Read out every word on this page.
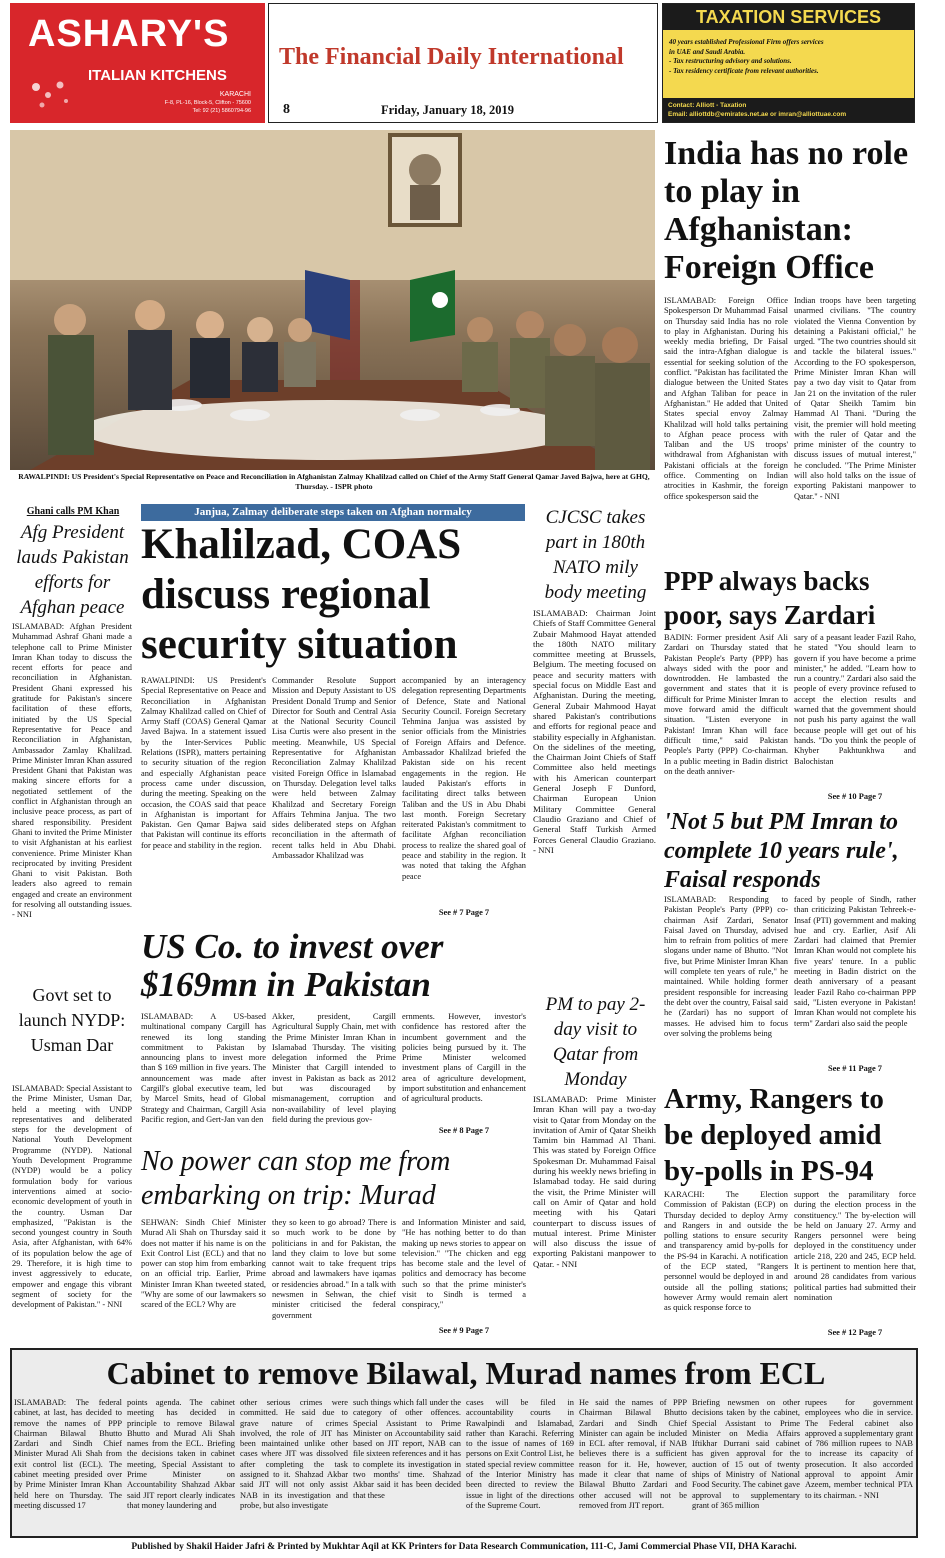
ASHARY'S
ITALIAN KITCHENS
KARACHI
F-8, PL-16, Block-5, Clifton - 75600
Tel: 92 (21) 5860794-96
The Financial Daily International
8	Friday, January 18, 2019
TAXATION SERVICES
40 years established Professional Firm offers services
in UAE and Saudi Arabia.
- Tax restructuring advisory and solutions.
- Tax residency certificate from relevant authorities.
Contact: Alliott - Taxation
Email: alliottdb@emirates.net.ae or imran@alliottuae.com
RAWALPINDI: US President's Special Representative on Peace and Reconciliation in Afghanistan Zalmay Khalilzad called on Chief of the Army Staff General Qamar Javed Bajwa, here at GHQ, Thursday. - ISPR photo
India has no role to play in Afghanistan: Foreign Office
ISLAMABAD: Foreign Office Spokesperson Dr Muhammad Faisal on Thursday said India has no role to play in Afghanistan. During his weekly media briefing, Dr Faisal said the intra-Afghan dialogue is essential for seeking solution of the conflict. "Pakistan has facilitated the dialogue between the United States and Afghan Taliban for peace in Afghanistan." He added that United States special envoy Zalmay Khalilzad will hold talks pertaining to Afghan peace process with Taliban and the US troops' withdrawal from Afghanistan with Pakistani officials at the foreign office. Commenting on Indian atrocities in Kashmir, the foreign office spokesperson said the
Indian troops have been targeting unarmed civilians. "The country violated the Vienna Convention by detaining a Pakistani official," he urged. "The two countries should sit and tackle the bilateral issues." According to the FO spokesperson, Prime Minister Imran Khan will pay a two day visit to Qatar from Jan 21 on the invitation of the ruler of Qatar Sheikh Tamim bin Hammad Al Thani. "During the visit, the premier will hold meeting with the ruler of Qatar and the prime minister of the country to discuss issues of mutual interest," he concluded. "The Prime Minister will also hold talks on the issue of exporting Pakistani manpower to Qatar." - NNI
Ghani calls PM Khan
Afg President lauds Pakistan efforts for Afghan peace
ISLAMABAD: Afghan President Muhammad Ashraf Ghani made a telephone call to Prime Minister Imran Khan today to discuss the recent efforts for peace and reconciliation in Afghanistan. President Ghani expressed his gratitude for Pakistan's sincere facilitation of these efforts, initiated by the US Special Representative for Peace and Reconciliation in Afghanistan, Ambassador Zamlay Khalilzad. Prime Minister Imran Khan assured President Ghani that Pakistan was making sincere efforts for a negotiated settlement of the conflict in Afghanistan through an inclusive peace process, as part of shared responsibility. President Ghani to invited the Prime Minister to visit Afghanistan at his earliest convenience. Prime Minister Khan reciprocated by inviting President Ghani to visit Pakistan. Both leaders also agreed to remain engaged and create an environment for resolving all outstanding issues. - NNI
Govt set to launch NYDP: Usman Dar
ISLAMABAD: Special Assistant to the Prime Minister, Usman Dar, held a meeting with UNDP representatives and deliberated steps for the development of National Youth Development Programme (NYDP). National Youth Development Programme (NYDP) would be a policy formulation body for various interventions aimed at socio-economic development of youth in the country. Usman Dar emphasized, "Pakistan is the second youngest country in South Asia, after Afghanistan, with 64% of its population below the age of 29. Therefore, it is high time to invest aggressively to educate, empower and engage this vibrant segment of society for the development of Pakistan." - NNI
Janjua, Zalmay deliberate steps taken on Afghan normalcy
Khalilzad, COAS discuss regional security situation
RAWALPINDI: US President's Special Representative on Peace and Reconciliation in Afghanistan Zalmay Khalilzad called on Chief of Army Staff (COAS) General Qamar Javed Bajwa. In a statement issued by the Inter-Services Public Relations (ISPR), matters pertaining to security situation of the region and especially Afghanistan peace process came under discussion, during the meeting. Speaking on the occasion, the COAS said that peace in Afghanistan is important for Pakistan. Gen Qamar Bajwa said that Pakistan will continue its efforts for peace and stability in the region.
Commander Resolute Support Mission and Deputy Assistant to US President Donald Trump and Senior Director for South and Central Asia at the National Security Council Lisa Curtis were also present in the meeting. Meanwhile, US Special Representative for Afghanistan Reconciliation Zalmay Khalilzad visited Foreign Office in Islamabad on Thursday. Delegation level talks were held between Zalmay Khalilzad and Secretary Foreign Affairs Tehmina Janjua. The two sides deliberated steps on Afghan reconciliation in the aftermath of recent talks held in Abu Dhabi. Ambassador Khalilzad was
accompanied by an interagency delegation representing Departments of Defence, State and National Security Council. Foreign Secretary Tehmina Janjua was assisted by senior officials from the Ministries of Foreign Affairs and Defence. Ambassador Khalilzad briefed the Pakistan side on his recent engagements in the region. He lauded Pakistan's efforts in facilitating direct talks between Taliban and the US in Abu Dhabi last month. Foreign Secretary reiterated Pakistan's commitment to facilitate Afghan reconciliation process to realize the shared goal of peace and stability in the region. It was noted that taking the Afghan peace
See # 7 Page 7
CJCSC takes part in 180th NATO mily body meeting
ISLAMABAD: Chairman Joint Chiefs of Staff Committee General Zubair Mahmood Hayat attended the 180th NATO military committee meeting at Brussels, Belgium. The meeting focused on peace and security matters with special focus on Middle East and Afghanistan. During the meeting, General Zubair Mahmood Hayat shared Pakistan's contributions and efforts for regional peace and stability especially in Afghanistan. On the sidelines of the meeting, the Chairman Joint Chiefs of Staff Committee also held meetings with his American counterpart General Joseph F Dunford, Chairman European Union Military Committee General Claudio Graziano and Chief of General Staff Turkish Armed Forces General Claudio Graziano. - NNI
PM to pay 2-day visit to Qatar from Monday
ISLAMABAD: Prime Minister Imran Khan will pay a two-day visit to Qatar from Monday on the invitation of Amir of Qatar Sheikh Tamim bin Hammad Al Thani. This was stated by Foreign Office Spokesman Dr. Muhammad Faisal during his weekly news briefing in Islamabad today. He said during the visit, the Prime Minister will call on Amir of Qatar and hold meeting with his Qatari counterpart to discuss issues of mutual interest. Prime Minister will also discuss the issue of exporting Pakistani manpower to Qatar. - NNI
PPP always backs poor, says Zardari
BADIN: Former president Asif Ali Zardari on Thursday stated that Pakistan People's Party (PPP) has always sided with the poor and downtrodden. He lambasted the government and states that it is difficult for Prime Minister Imran to move forward amid the difficult situation. "Listen everyone in Pakistan! Imran Khan will face difficult time," said Pakistan People's Party (PPP) Co-chairman. In a public meeting in Badin district on the death anniver-
sary of a peasant leader Fazil Raho, he stated "You should learn to govern if you have become a prime minister," he added. "Learn how to run a country." Zardari also said the people of every province refused to accept the election results and warned that the government should not push his party against the wall because people will get out of his hands. "Do you think the people of Khyber Pakhtunkhwa and Balochistan
See # 10 Page 7
'Not 5 but PM Imran to complete 10 years rule', Faisal responds
ISLAMABAD: Responding to Pakistan People's Party (PPP) co-chairman Asif Zardari, Senator Faisal Javed on Thursday, advised him to refrain from politics of mere slogans under name of Bhutto. "Not five, but Prime Minister Imran Khan will complete ten years of rule," he maintained. While holding former president responsible for increasing the debt over the country, Faisal said he (Zardari) has no support of masses. He advised him to focus over solving the problems being
faced by people of Sindh, rather than criticizing Pakistan Tehreek-e-Insaf (PTI) government and making hue and cry. Earlier, Asif Ali Zardari had claimed that Premier Imran Khan would not complete his five years' tenure. In a public meeting in Badin district on the death anniversary of a peasant leader Fazil Raho co-chairman PPP said, "Listen everyone in Pakistan! Imran Khan would not complete his term" Zardari also said the people
See # 11 Page 7
Army, Rangers to be deployed amid by-polls in PS-94
KARACHI: The Election Commission of Pakistan (ECP) on Thursday decided to deploy Army and Rangers in and outside the polling stations to ensure security and transparency amid by-polls for the PS-94 in Karachi. A notification of the ECP stated, "Rangers personnel would be deployed in and outside all the polling stations; however Army would remain alert as quick response force to
support the paramilitary force during the election process in the constituency." The by-election will be held on January 27. Army and Rangers personnel were being deployed in the constituency under article 218, 220 and 245, ECP held. It is pertinent to mention here that, around 28 candidates from various political parties had submitted their nomination
See # 12 Page 7
US Co. to invest over $169mn in Pakistan
ISLAMABAD: A US-based multinational company Cargill has renewed its long standing commitment to Pakistan by announcing plans to invest more than $ 169 million in five years. The announcement was made after Cargill's global executive team, led by Marcel Smits, head of Global Strategy and Chairman, Cargill Asia Pacific region, and Gert-Jan van den
Akker, president, Cargill Agricultural Supply Chain, met with the Prime Minister Imran Khan in Islamabad Thursday. The visiting delegation informed the Prime Minister that Cargill intended to invest in Pakistan as back as 2012 but was discouraged by mismanagement, corruption and non-availability of level playing field during the previous gov-
ernments. However, investor's confidence has restored after the incumbent government and the policies being pursued by it. The Prime Minister welcomed investment plans of Cargill in the area of agriculture development, import substitution and enhancement of agricultural products.
See # 8 Page 7
No power can stop me from embarking on trip: Murad
SEHWAN: Sindh Chief Minister Murad Ali Shah on Thursday said it does not matter if his name is on the Exit Control List (ECL) and that no power can stop him from embarking on an official trip. Earlier, Prime Minister Imran Khan tweeted stated, "Why are some of our lawmakers so scared of the ECL? Why are
they so keen to go abroad? There is so much work to be done by politicians in and for Pakistan, the land they claim to love but some cannot wait to take frequent trips abroad and lawmakers have iqamas or residencies abroad." In a talk with newsmen in Sehwan, the chief minister criticised the federal government
and Information Minister and said, "He has nothing better to do than making up news stories to appear on television." "The chicken and egg has become stale and the level of politics and democracy has become such so that the prime minister's visit to Sindh is termed a conspiracy,"
See # 9 Page 7
Cabinet to remove Bilawal, Murad names from ECL
ISLAMABAD: The federal cabinet, at last, has decided to remove the names of PPP Chairman Bilawal Bhutto Zardari and Sindh Chief Minister Murad Ali Shah from exit control list (ECL). The cabinet meeting presided over by Prime Minister Imran Khan held here on Thursday. The meeting discussed 17
points agenda. The cabinet meeting has decided in principle to remove Bilawal Bhutto and Murad Ali Shah names from the ECL. Briefing the decisions taken in cabinet meeting, Special Assistant to Prime Minister on Accountability Shahzad Akbar said JIT report clearly indicates that money laundering and
other serious crimes were committed. He said due to grave nature of crimes involved, the role of JIT has been maintained unlike other cases where JIT was dissolved after completing the task assigned to it. Shahzad Akbar said JIT will not only assist NAB in its investigation and probe, but also investigate
such things which fall under the category of other offences. Special Assistant to Prime Minister on Accountability said based on JIT report, NAB can file sixteen references and it has to complete its investigation in two months' time. Shahzad Akbar said it has been decided that these
cases will be filed in accountability courts in Rawalpindi and Islamabad, rather than Karachi. Referring to the issue of names of 169 persons on Exit Control List, he stated special review committee of the Interior Ministry has been directed to review the issue in light of the directions of the Supreme Court.
He said the names of PPP Chairman Bilawal Bhutto Zardari and Sindh Chief Minister can again be included in ECL after removal, if NAB believes there is a sufficient reason for it. He, however, made it clear that name of Bilawal Bhutto Zardari and other accused will not be removed from JIT report.
Briefing newsmen on other decisions taken by the cabinet, Special Assistant to Prime Minister on Media Affairs Iftikhar Durrani said cabinet has given approval for the auction of 15 out of twenty ships of Ministry of National Food Security. The cabinet gave approval to supplementary grant of 365 million
rupees for government employees who die in service. The Federal cabinet also approved a supplementary grant of 786 million rupees to NAB to increase its capacity of prosecution. It also accorded approval to appoint Amir Azeem, member technical PTA to its chairman. - NNI
Published by Shakil Haider Jafri & Printed by Mukhtar Aqil at KK Printers for Data Research Communication, 111-C, Jami Commercial Phase VII, DHA Karachi.
